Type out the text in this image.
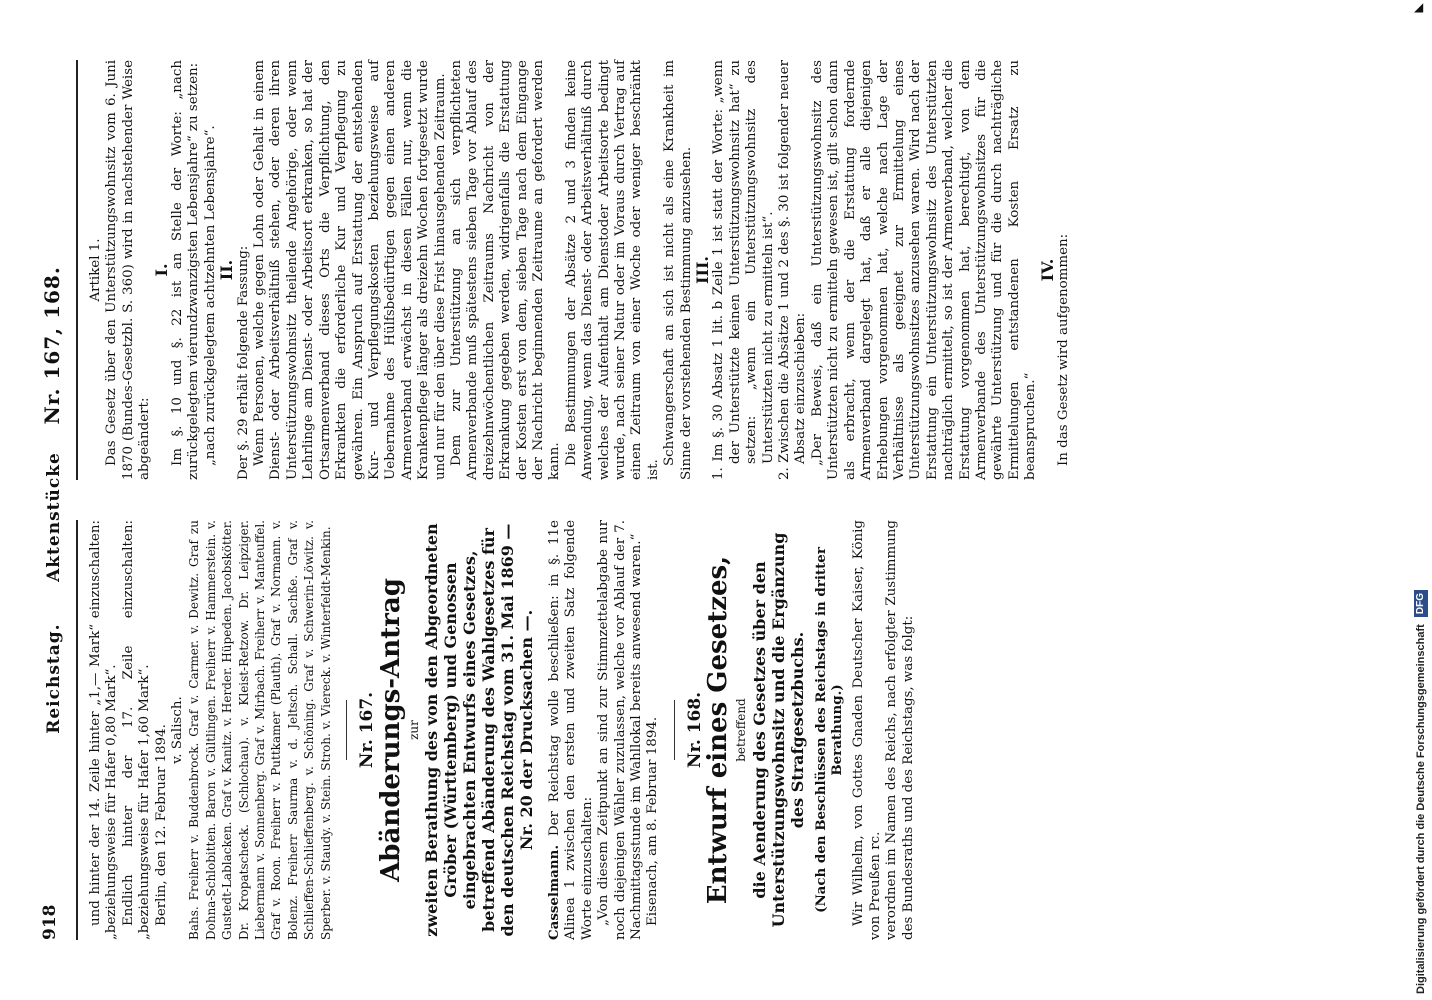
918
Reichstag.      Aktenstücke    Nr. 167, 168.

und hinter der 14. Zeile hinter „1,— Mark“ einzuschalten: „beziehungsweise für Hafer 0,80 Mark“. Endlich hinter der 17. Zeile einzuschalten: „beziehungsweise für Hafer 1,60 Mark“. Berlin, den 12. Februar 1894. v. Salisch. Bahs. Freiherr v. Buddenbrock. Graf v. Carmer. v. Dewitz. Graf zu Dohna-Schlobitten. Baron v. Gültlingen. Freiherr v. Hammerstein. v. Gustedt-Lablacken. Graf v. Kanitz. v. Herder. Hüpeden. Jacobskötter. Dr. Kropatscheck. (Schlochau). v. Kleist-Retzow. Dr. Leipziger. Liebermann v. Sonnenberg. Graf v. Mirbach. Freiherr v. Manteuffel. Graf v. Roon. Freiherr v. Puttkamer (Plauth). Graf v. Normann. v. Bolenz. Freiherr Saurma v. d. Jeltsch. Schall. Sachße. Graf v. Schlieffen-Schlieffenberg. v. Schöning. Graf v. Schwerin-Löwitz. v. Sperber. v. Staudy. v. Stein. Stroh. v. Viereck. v. Winterfeldt-Menkin. Nr. 167.

Abänderungs-Antrag zur zweiten Berathung des von den Abgeordneten Gröber (Württemberg) und Genossen eingebrachten Entwurfs eines Gesetzes, betreffend Abänderung des Wahlgesetzes für den deutschen Reichstag vom 31. Mai 1869 — Nr. 20 der Drucksachen —.

Casselmann. Der Reichstag wolle beschließen: in §. 11e Alinea 1 zwischen den ersten und zweiten Satz folgende Worte einzuschalten: „Von diesem Zeitpunkt an sind zur Stimmzettelabgabe nur noch diejenigen Wähler zuzulassen, welche vor Ablauf der 7. Nachmittagsstunde im Wahllokal bereits anwesend waren.“ Eisenach, am 8. Februar 1894. Nr. 168.

Entwurf eines Gesetzes, betreffend die Aenderung des Gesetzes über den Unterstützungswohnsitz und die Ergänzung des Strafgesetzbuchs. (Nach den Beschlüssen des Reichstags in dritter Berathung.) Wir Wilhelm, von Gottes Gnaden Deutscher Kaiser, König von Preußen rc. verordnen im Namen des Reichs, nach erfolgter Zustimmung des Bundesraths und des Reichstags, was folgt:

Artikel 1. Das Gesetz über den Unterstützungswohnsitz vom 6. Juni 1870 (Bundes-Gesetzbl. S. 360) wird in nachstehender Weise abgeändert:

I. Im §. 10 und §. 22 ist an Stelle der Worte: „nach zurückgelegtem vierundzwanzigsten Lebensjahre“ zu setzen: „nach zurückgelegtem achtzehnten Lebensjahre“. II. Der §. 29 erhält folgende Fassung: Wenn Personen, welche gegen Lohn oder Gehalt in einem Dienst- oder Arbeitsverhältniß stehen, oder deren ihren Unterstützungswohnsitz theilende Angehörige, oder wenn Lehrlinge am Dienst- oder Arbeitsort erkranken, so hat der Ortsarmenverband dieses Orts die Verpflichtung, den Erkrankten die erforderliche Kur und Verpflegung zu gewähren. Ein Anspruch auf Erstattung der entstehenden Kur- und Verpflegungskosten beziehungsweise auf Uebernahme des Hülfsbedürftigen gegen einen anderen Armenverband erwächst in diesen Fällen nur, wenn die Krankenpflege länger als dreizehn Wochen fortgesetzt wurde und nur für den über diese Frist hinausgehenden Zeitraum. Dem zur Unterstützung an sich verpflichteten Armenverbande muß spätestens sieben Tage vor Ablauf des dreizehnwöchentlichen Zeitraums Nachricht von der Erkrankung gegeben werden, widrigenfalls die Erstattung der Kosten erst von dem, sieben Tage nach dem Eingange der Nachricht beginnenden Zeitraume an gefordert werden kann. Die Bestimmungen der Absätze 2 und 3 finden keine Anwendung, wenn das Dienst- oder Arbeitsverhältniß durch welches der Aufenthalt am Dienstoder Arbeitsorte bedingt wurde, nach seiner Natur oder im Voraus durch Vertrag auf einen Zeitraum von einer Woche oder weniger beschränkt ist.

Schwangerschaft an sich ist nicht als eine Krankheit im Sinne der vorstehenden Bestimmung anzusehen. III. 1. Im §. 30 Absatz 1 lit. b Zeile 1 ist statt der Worte: „wenn der Unterstützte keinen Unterstützungswohnsitz hat“ zu setzen: „wenn ein Unterstützungswohnsitz des Unterstützten nicht zu ermitteln ist“. 2. Zwischen die Absätze 1 und 2 des §. 30 ist folgender neuer Absatz einzuschieben: „Der Beweis, daß ein Unterstützungswohnsitz des Unterstützten nicht zu ermitteln gewesen ist, gilt schon dann als erbracht, wenn der die Erstattung fordernde Armenverband dargelegt hat, daß er alle diejenigen Erhebungen vorgenommen hat, welche nach Lage der Verhältnisse als geeignet zur Ermittelung eines Unterstützungswohnsitzes anzusehen waren. Wird nach der Erstattung ein Unterstützungswohnsitz des Unterstützten nachträglich ermittelt, so ist der Armenverband, welcher die Erstattung vorgenommen hat, berechtigt, von dem Armenverbande des Unterstützungswohnsitzes für die gewährte Unterstützung und für die durch nachträgliche Ermittelungen entstandenen Kosten Ersatz zu beanspruchen.“

IV. In das Gesetz wird aufgenommen:

◢
Digitalisierung gefördert durch die Deutsche Forschungsgemeinschaft DFG
